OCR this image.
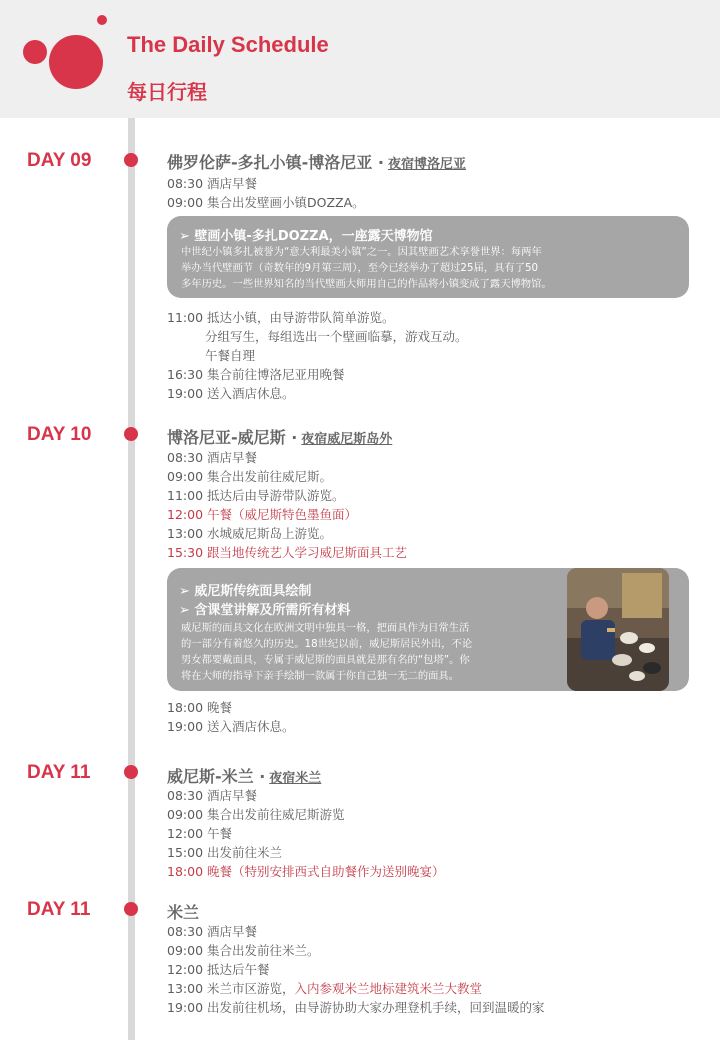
The Daily Schedule
每日行程
DAY 09	佛罗伦萨-多扎小镇-博洛尼亚 · 夜宿博洛尼亚
08:30 酒店早餐
09:00 集合出发壁画小镇DOZZA。
➢ 壁画小镇-多扎DOZZA，一座露天博物馆
中世纪小镇多扎被誉为“意大利最美小镇”之一。因其壁画艺术享誉世界：每两年
举办当代壁画节（奇数年的9月第三周），至今已经举办了超过25届，具有了50
多年历史。一些世界知名的当代壁画大师用自己的作品将小镇变成了露天博物馆。
11:00 抵达小镇，由导游带队简单游览。
分组写生，每组选出一个壁画临摹，游戏互动。
午餐自理
16:30 集合前往博洛尼亚用晚餐
19:00 送入酒店休息。
DAY 10	博洛尼亚-威尼斯 · 夜宿威尼斯岛外
08:30 酒店早餐
09:00 集合出发前往威尼斯。
11:00 抵达后由导游带队游览。
12:00 午餐（威尼斯特色墨鱼面）
13:00 水城威尼斯岛上游览。
15:30 跟当地传统艺人学习威尼斯面具工艺
➢ 威尼斯传统面具绘制
➢ 含课堂讲解及所需所有材料
威尼斯的面具文化在欧洲文明中独具一格，把面具作为日常生活
的一部分有着悠久的历史。18世纪以前，威尼斯居民外出，不论
男女都要戴面具，专属于威尼斯的面具就是那有名的“包塔”。你
将在大师的指导下亲手绘制一款属于你自己独一无二的面具。
18:00 晚餐
19:00 送入酒店休息。
DAY 11	威尼斯-米兰 · 夜宿米兰
08:30 酒店早餐
09:00 集合出发前往威尼斯游览
12:00 午餐
15:00 出发前往米兰
18:00 晚餐（特别安排西式自助餐作为送别晚宴）
DAY 11	米兰
08:30 酒店早餐
09:00 集合出发前往米兰。
12:00 抵达后午餐
13:00 米兰市区游览，入内参观米兰地标建筑米兰大教堂
19:00 出发前往机场，由导游协助大家办理登机手续，回到温暖的家
